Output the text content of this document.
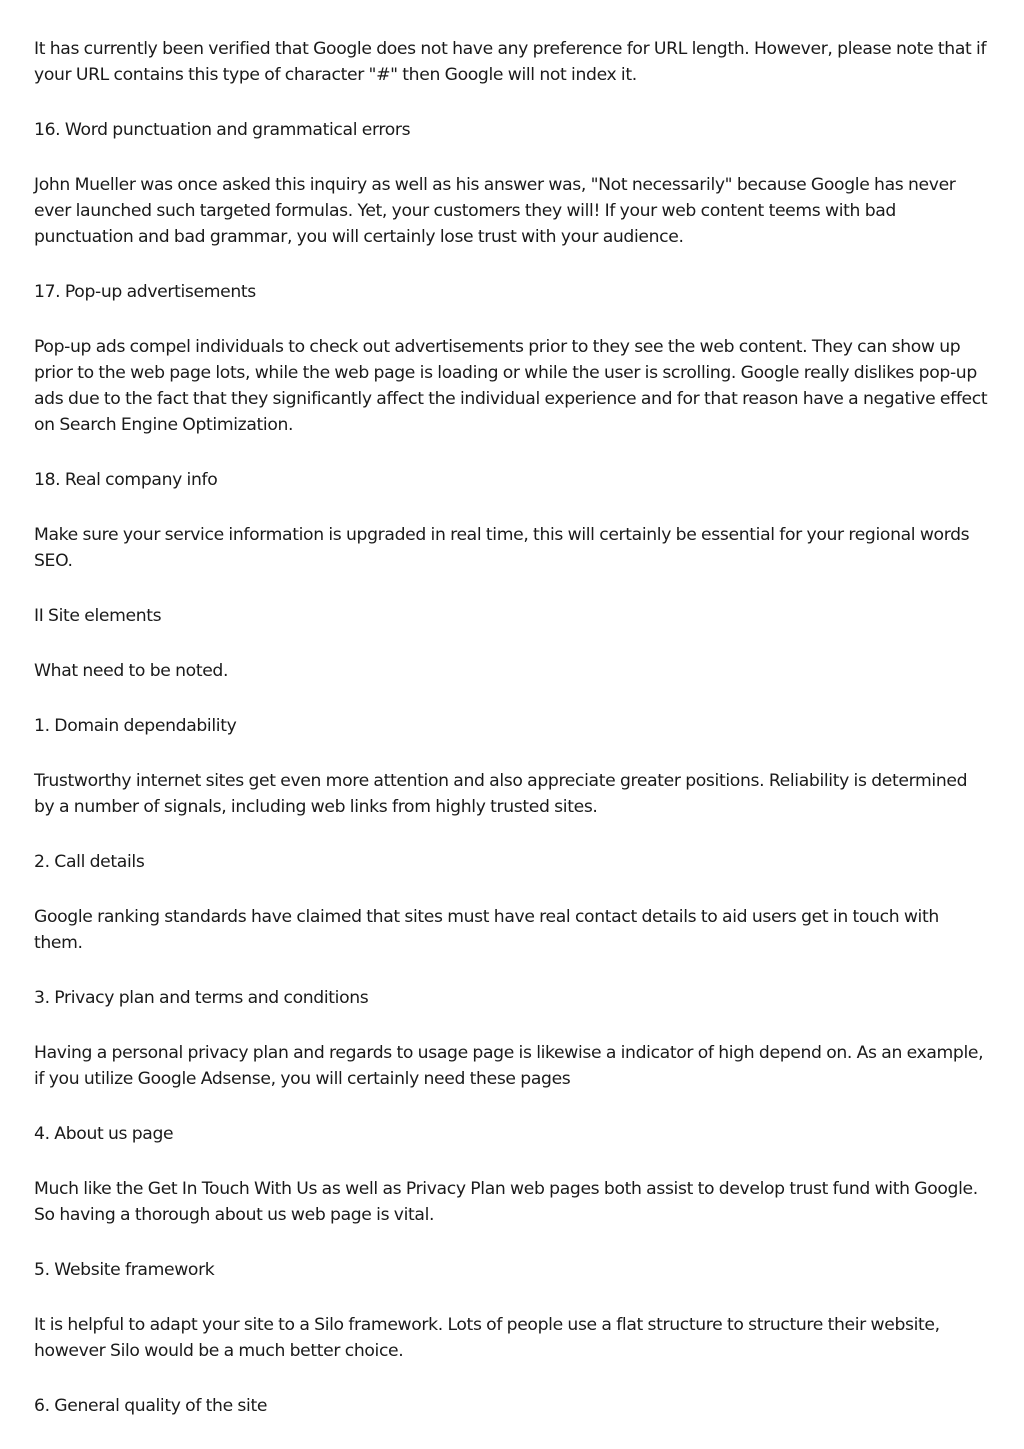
It has currently been verified that Google does not have any preference for URL length. However, please note that if your URL contains this type of character "#" then Google will not index it.

16. Word punctuation and grammatical errors

John Mueller was once asked this inquiry as well as his answer was, "Not necessarily" because Google has never ever launched such targeted formulas. Yet, your customers they will! If your web content teems with bad punctuation and bad grammar, you will certainly lose trust with your audience.

17. Pop-up advertisements

Pop-up ads compel individuals to check out advertisements prior to they see the web content. They can show up prior to the web page lots, while the web page is loading or while the user is scrolling. Google really dislikes pop-up ads due to the fact that they significantly affect the individual experience and for that reason have a negative effect on Search Engine Optimization.

18. Real company info

Make sure your service information is upgraded in real time, this will certainly be essential for your regional words SEO.

II Site elements

What need to be noted.

1. Domain dependability

Trustworthy internet sites get even more attention and also appreciate greater positions. Reliability is determined by a number of signals, including web links from highly trusted sites.

2. Call details

Google ranking standards have claimed that sites must have real contact details to aid users get in touch with them.

3. Privacy plan and terms and conditions

Having a personal privacy plan and regards to usage page is likewise a indicator of high depend on. As an example, if you utilize Google Adsense, you will certainly need these pages

4. About us page

Much like the Get In Touch With Us as well as Privacy Plan web pages both assist to develop trust fund with Google. So having a thorough about us web page is vital.

5. Website framework

It is helpful to adapt your site to a Silo framework. Lots of people use a flat structure to structure their website, however Silo would be a much better choice.

6. General quality of the site
